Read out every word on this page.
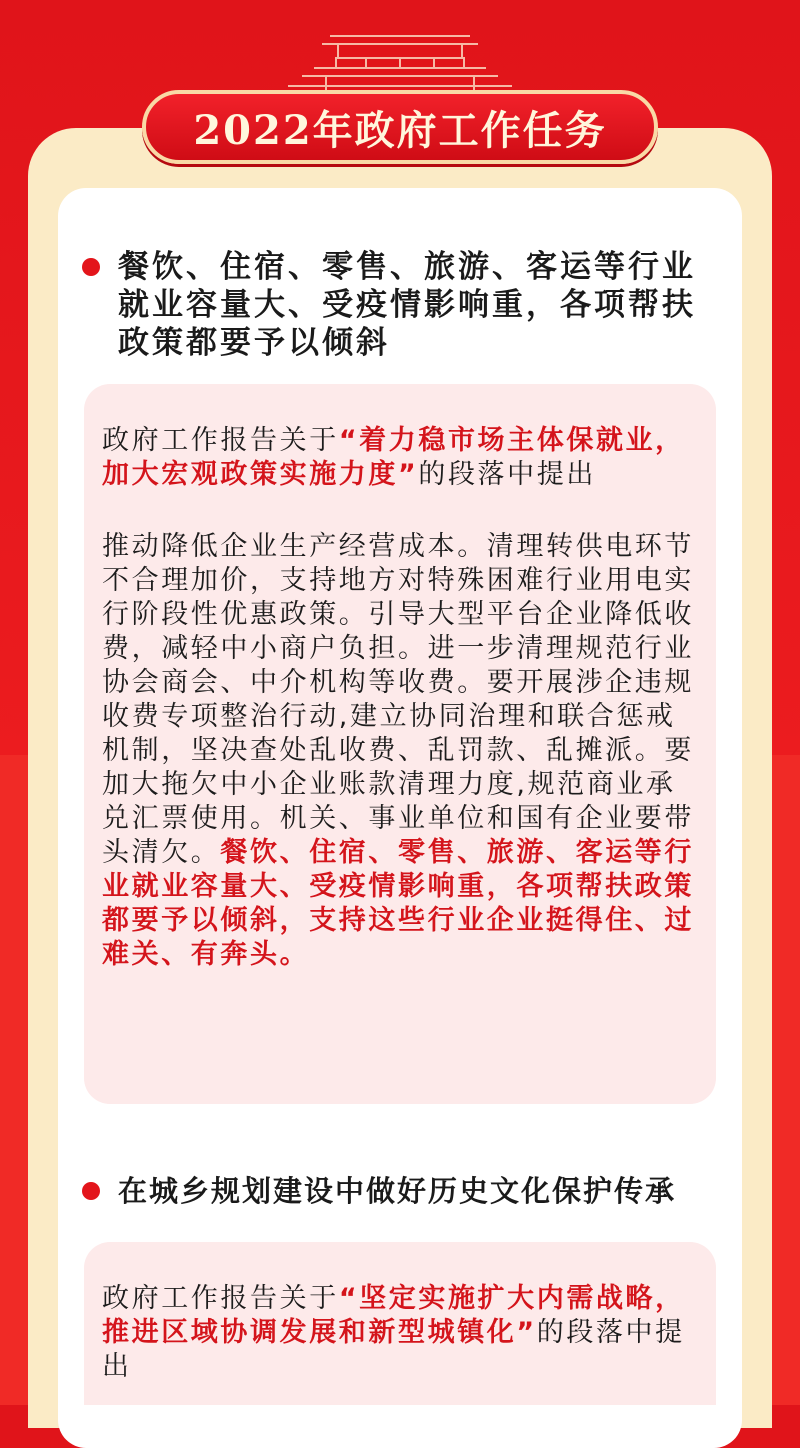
2022年政府工作任务
餐饮、住宿、零售、旅游、客运等行业就业容量大、受疫情影响重，各项帮扶政策都要予以倾斜

政府工作报告关于“着力稳市场主体保就业，加大宏观政策实施力度”的段落中提出

推动降低企业生产经营成本。清理转供电环节不合理加价，支持地方对特殊困难行业用电实行阶段性优惠政策。引导大型平台企业降低收费，减轻中小商户负担。进一步清理规范行业协会商会、中介机构等收费。要开展涉企违规收费专项整治行动,建立协同治理和联合惩戒机制，坚决查处乱收费、乱罚款、乱摊派。要加大拖欠中小企业账款清理力度,规范商业承兑汇票使用。机关、事业单位和国有企业要带头清欠。餐饮、住宿、零售、旅游、客运等行业就业容量大、受疫情影响重，各项帮扶政策都要予以倾斜，支持这些行业企业挺得住、过难关、有奔头。

在城乡规划建设中做好历史文化保护传承

政府工作报告关于“坚定实施扩大内需战略，推进区域协调发展和新型城镇化”的段落中提出
